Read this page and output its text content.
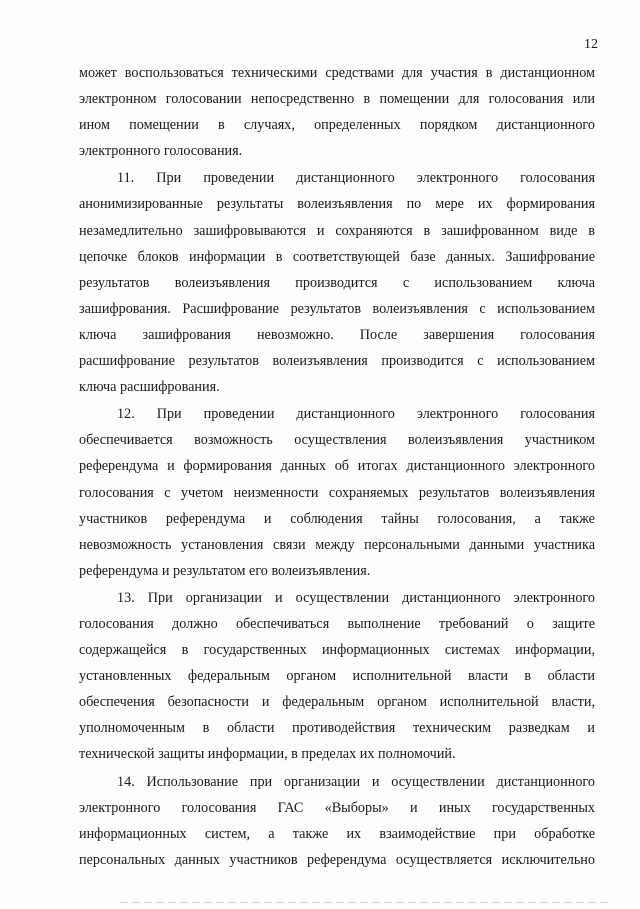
12
может воспользоваться техническими средствами для участия в дистанционном
электронном голосовании непосредственно в помещении для голосования или
ином помещении в случаях, определенных порядком дистанционного
электронного голосования.
11. При проведении дистанционного электронного голосования
анонимизированные результаты волеизъявления по мере их формирования
незамедлительно зашифровываются и сохраняются в зашифрованном виде в
цепочке блоков информации в соответствующей базе данных. Зашифрование
результатов волеизъявления производится с использованием ключа
зашифрования. Расшифрование результатов волеизъявления с использованием
ключа зашифрования невозможно. После завершения голосования
расшифрование результатов волеизъявления производится с использованием
ключа расшифрования.
12. При проведении дистанционного электронного голосования
обеспечивается возможность осуществления волеизъявления участником
референдума и формирования данных об итогах дистанционного электронного
голосования с учетом неизменности сохраняемых результатов волеизъявления
участников референдума и соблюдения тайны голосования, а также
невозможность установления связи между персональными данными участника
референдума и результатом его волеизъявления.
13. При организации и осуществлении дистанционного электронного
голосования должно обеспечиваться выполнение требований о защите
содержащейся в государственных информационных системах информации,
установленных федеральным органом исполнительной власти в области
обеспечения безопасности и федеральным органом исполнительной власти,
уполномоченным в области противодействия техническим разведкам и
технической защиты информации, в пределах их полномочий.
14. Использование при организации и осуществлении дистанционного
электронного голосования ГАС «Выборы» и иных государственных
информационных систем, а также их взаимодействие при обработке
персональных данных участников референдума осуществляется исключительно
